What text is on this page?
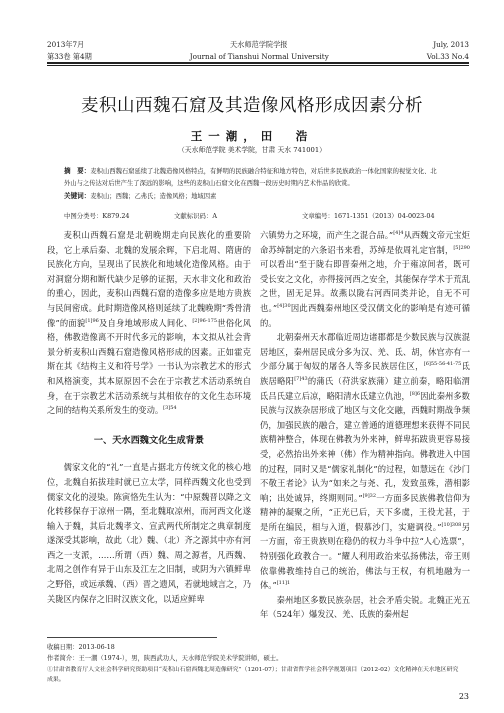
2013年7月	天水师范学院学报	July, 2013
第33卷 第4期	Journal of Tianshui Normal University	Vol.33 No.4
麦积山西魏石窟及其造像风格形成因素分析
王一潮，田　浩
（天水师范学院 美术学院，甘肃 天水 741001）
摘　要：麦积山西魏石窟延续了北魏造像风格特点，有鲜明的民族融合特征和地方特色，对后世多民族政治一体化国家的视觉文化、北外山与之传达对后世产生了深远的影响，这些的麦积山石窟文化在西魏一段历史时期内艺术作品的欣赏。
关键词：麦积山；西魏；乙弗氏；造像风格；地域因素
中图分类号：K879.24	文献标识码：A	文章编号：1671-1351（2013）04-0023-04

麦积山西魏石窟是北朝晚期走向民族化的重要阶段，它上承后秦、北魏的发展余辉，下启北周、隋唐的民族化方向，呈现出了民族化和地域化造像风格。由于对洞窟分期和断代缺少足够的证据，天水非文化和政治的重心，因此，麦积山西魏石窟的造像多应是地方贵族与民间密成。此时期造像风格则延续了北魏晚期“秀骨清像”的面貌$^{[1]96}$及自身地域形成人间化、$^{[2]96-175}$世俗化风格，佛教造像离不开时代多元的影响，本文拟从社会背景分析麦积山西魏石窟造像风格形成的因素。正如霍克斯在其《结构主义和符号学》一书认为宗教艺术的形式和风格演变，其本原原因不会在于宗教艺术活动系统自身，在于宗教艺术活动系统与其相依存的文化生态环境之间的结构关系所发生的变动。$^{[3]54}$

一、天水西魏文化生成背景

儒家文化的“礼”一直是占据北方传统文化的核心地位，北魏自拓拔珪时就已立太学，同样西魏文化也受到儒家文化的浸染。陈寅恪先生认为：“中原魏晋以降之文化转移保存于凉州一隅，至北魏取凉州，而河西文化遂输入于魏，其后北魏孝文、宣武两代所制定之典章制度遂深受其影响，故此（北）魏、（北）齐之源其中亦有河西之一支派，……所谓（西）魏、周之源者，凡西魏、北周之创作有异于山东及江左之旧制，或阴为六镇鲜卑之野俗，或远承魏、（西）晋之遗风，若就地域言之，乃关陇区内保存之旧时汉族文化，以适应鲜卑

六镇势力之环境，而产生之混合品。”$^{[4]4}$从西魏文帝元宝炬命苏绰制定的六条诏书来看，苏绰是依周礼定官制，$^{[5]290}$可以看出“至于陇右即晋秦州之地，介于雍凉间者，既可受长安之文化，亦得接河西之安全，其能保存学术于荒乱之世，固无足异。故燕以陇右河西同类并论，自无不可也。”$^{[4]30}$因此西魏秦州地区受汉儒文化的影响是有迹可循的。

北朝秦州天水郡临近周边诸郡都是少数民族与汉族混居地区，秦州居民成分多为汉、羌、氐、胡，休官亦有一少部分属于匈奴的屠各人等多民族居住区，$^{[6]55-56-41-75}$氐族居略阳$^{[7]43}$的蒲氏（苻洪家族蒲）建立前秦，略阳临渭氐吕氏建立后凉，略阳清水氐建立仇池，$^{[8]6}$因此秦州多数民族与汉族杂居形成了地区与文化交融，西魏时期战争频仍，加强民族的融合，建立普通的道德理想来获得不同民族精神整合，体现在佛教为外来神，鲜卑拓跋贵更容易接受，必然抬出外来神（佛）作为精神指向。佛教进入中国的过程，同时又是“儒家礼制化”的过程，如慧远在《沙门不敬王者论》认为“如来之与尧、孔，发致虽殊，潜相影响；出处诚异，终期则同。”$^{[9]32}$一方面多民族佛教信仰为精神的凝聚之所，“正光已后，天下多虞，王役尤甚，于是所在编民，相与入道，假慕沙门，实避调役。”$^{[10]308}$另一方面，帝王贵族则在稳仍的权力斗争中拉“人心选票”，特别强化政教合一。“耀人利用政治来弘扬佛法，帝王则依靠佛教维持自己的统治，佛法与王权，有机地融为一体。”$^{[11]1}$

秦州地区多数民族杂居，社会矛盾尖锐。北魏正光五年（524年）爆发汉、羌、氐族的秦州起

收稿日期：2013-06-18
作者简介：王一潮（1974-），男，陕西武功人，天水师范学院美术学院讲师，硕士。
①甘肃省教育厅人文社会科学研究资助项目“麦积山石窟西魏北周造像研究”（1201-07）；甘肃省哲学社会科学规划项目（2012-02）文化精神在天水地区研究成果。
23
